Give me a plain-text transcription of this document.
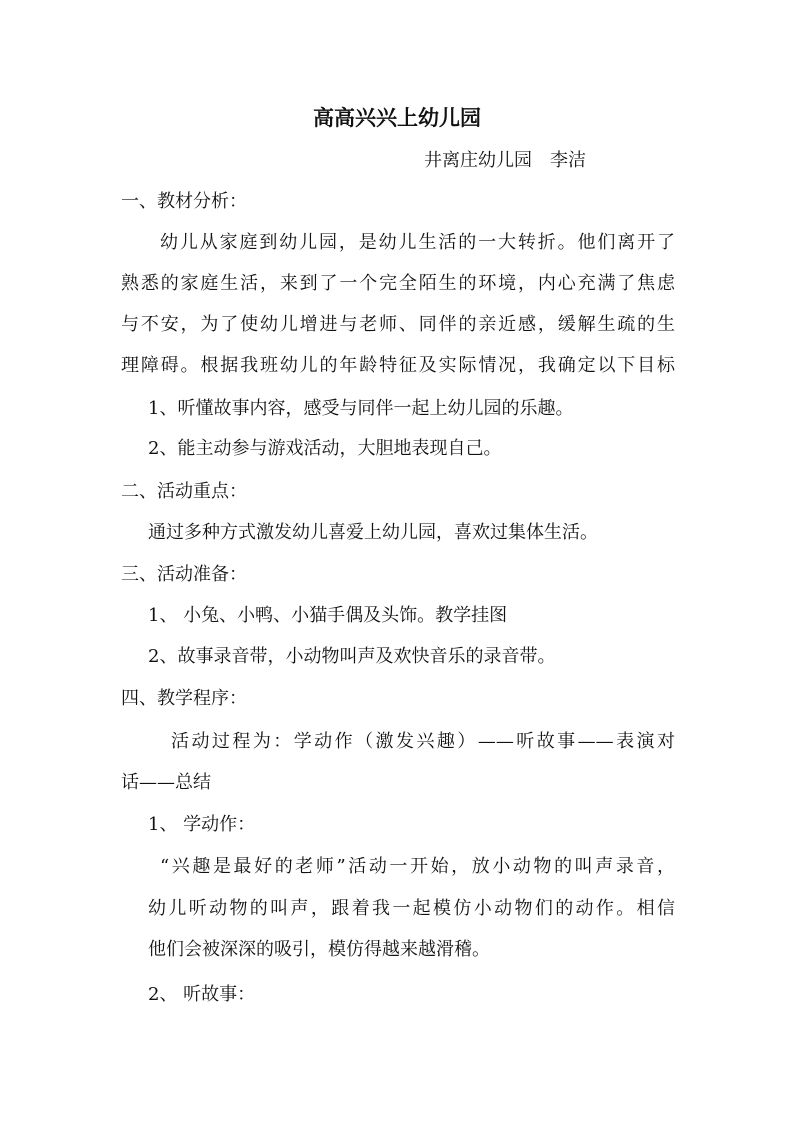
高高兴兴上幼儿园
井离庄幼儿园　李洁
一、教材分析：
幼儿从家庭到幼儿园，是幼儿生活的一大转折。他们离开了
熟悉的家庭生活，来到了一个完全陌生的环境，内心充满了焦虑
与不安，为了使幼儿增进与老师、同伴的亲近感，缓解生疏的生
理障碍。根据我班幼儿的年龄特征及实际情况，我确定以下目标
1、听懂故事内容，感受与同伴一起上幼儿园的乐趣。
2、能主动参与游戏活动，大胆地表现自己。
二、活动重点：
通过多种方式激发幼儿喜爱上幼儿园，喜欢过集体生活。
三、活动准备：
1、 小兔、小鸭、小猫手偶及头饰。教学挂图
2、故事录音带，小动物叫声及欢快音乐的录音带。
四、教学程序：
活动过程为：学动作（激发兴趣）——听故事——表演对
话——总结
1、 学动作：
“兴趣是最好的老师”活动一开始，放小动物的叫声录音，
幼儿听动物的叫声，跟着我一起模仿小动物们的动作。相信
他们会被深深的吸引，模仿得越来越滑稽。
2、 听故事：
